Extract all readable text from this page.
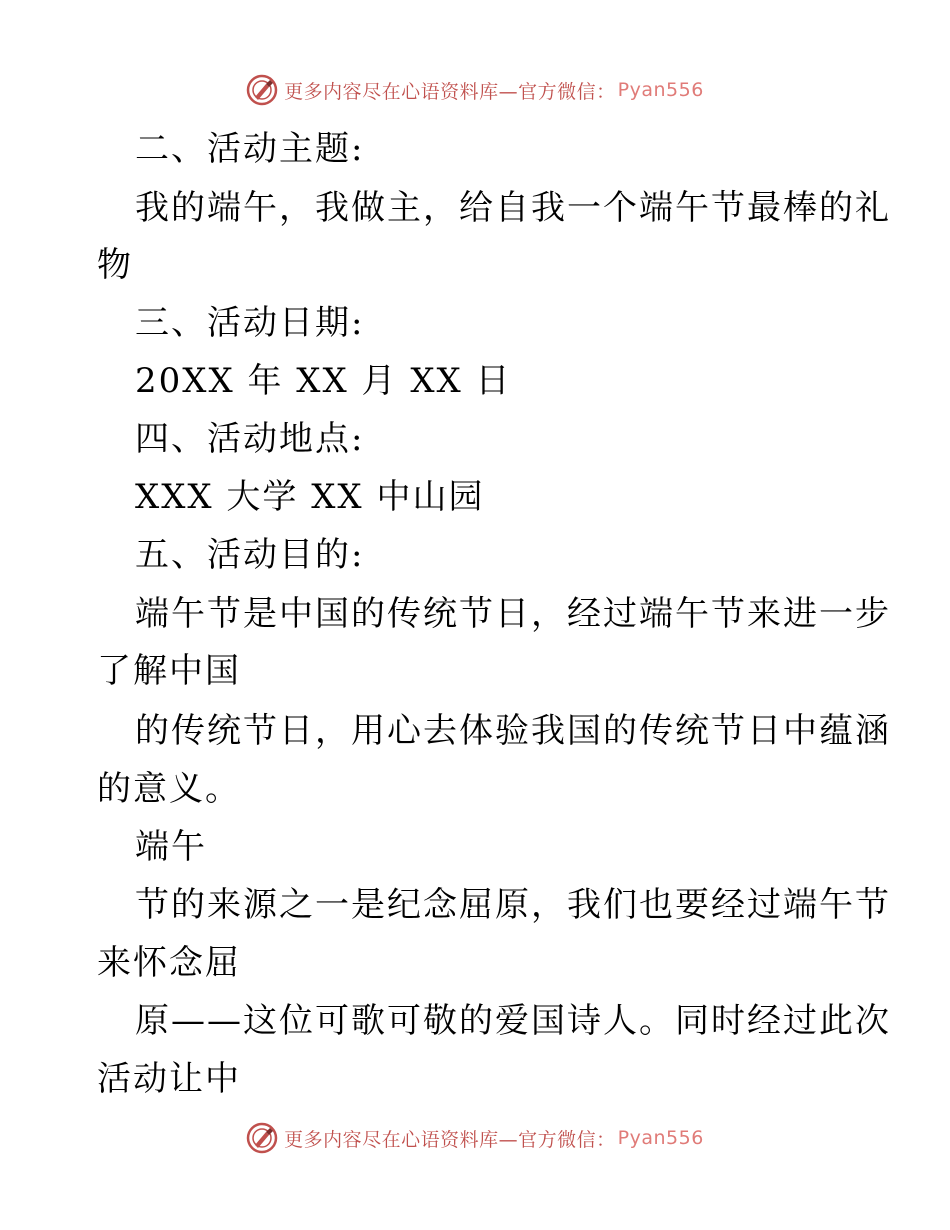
更多内容尽在心语资料库—官方微信： Pyan556
二、活动主题:
我的端午，我做主，给自我一个端午节最棒的礼
物
三、活动日期:
20XX 年 XX 月 XX 日
四、活动地点:
XXX 大学 XX 中山园
五、活动目的:
端午节是中国的传统节日，经过端午节来进一步
了解中国
的传统节日，用心去体验我国的传统节日中蕴涵
的意义。
端午
节的来源之一是纪念屈原，我们也要经过端午节
来怀念屈
原——这位可歌可敬的爱国诗人。同时经过此次
活动让中
更多内容尽在心语资料库—官方微信： Pyan556
